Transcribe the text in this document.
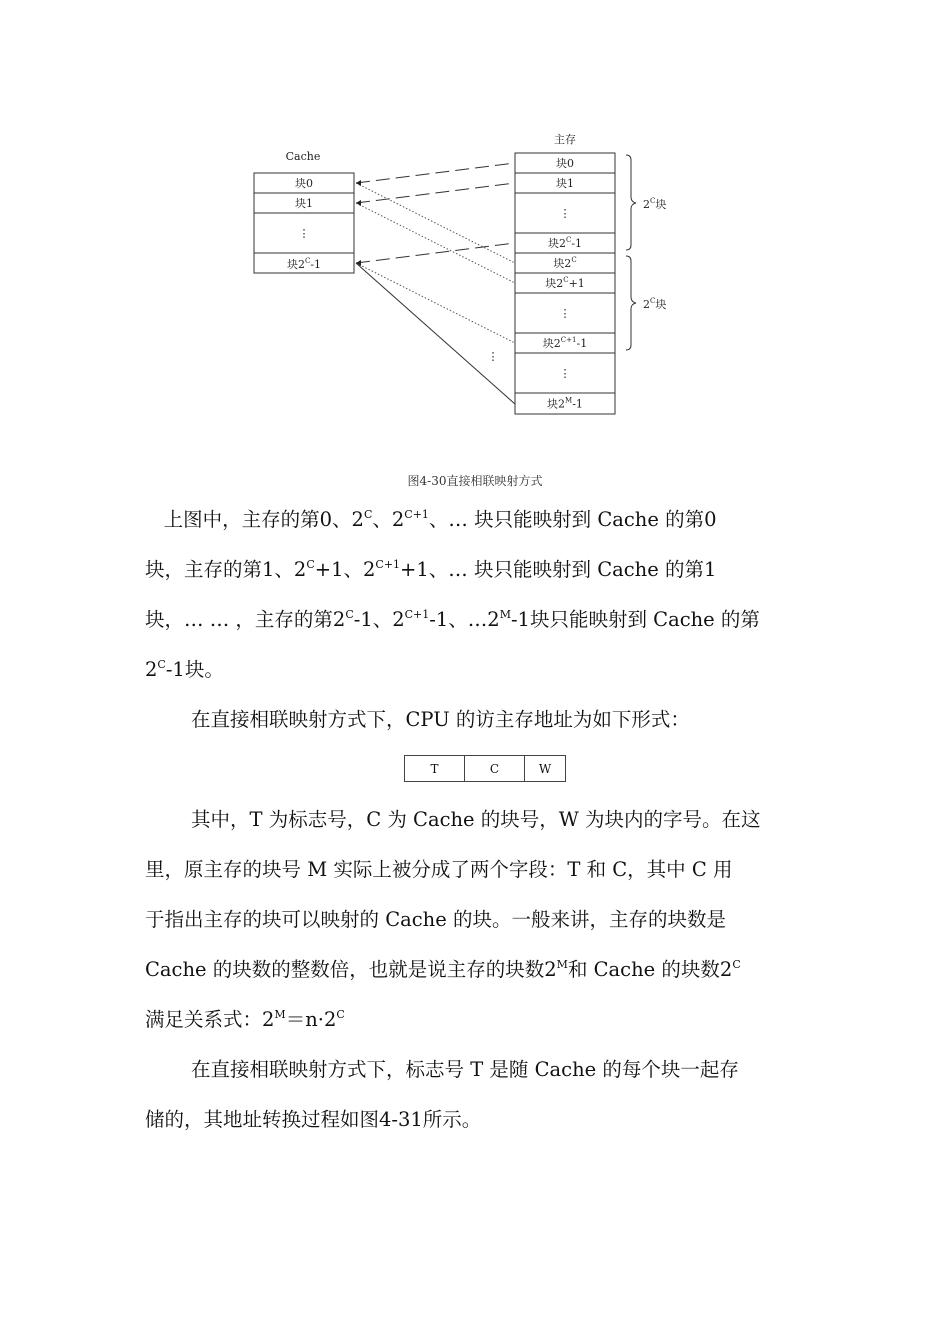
Cache
主存
块0
块1
⋮
块$2^C-1$
块0
块1
⋮
块$2^C-1$
块$2^C$
块$2^C+1$
⋮
块$2^{C+1}-1$
⋮
块$2^M-1$
$2^C$块
$2^C$块
⋮
图4-30直接相联映射方式

上图中，主存的第0、$2^C$、$2^{C+1}$、… 块只能映射到 Cache 的第0

块，主存的第1、$2^C+1$、$2^{C+1}+1$、… 块只能映射到 Cache 的第1

块，… … ，主存的第$2^C-1$、$2^{C+1}-1$、$\dots 2^M-1$块只能映射到 Cache 的第

$2^C-1$块。

在直接相联映射方式下，CPU 的访主存地址为如下形式：

T	C	W

其中，T 为标志号，C 为 Cache 的块号，W 为块内的字号。在这

里，原主存的块号 M 实际上被分成了两个字段：T 和 C，其中 C 用

于指出主存的块可以映射的 Cache 的块。一般来讲，主存的块数是

Cache 的块数的整数倍，也就是说主存的块数$2^M$和 Cache 的块数$2^C$

满足关系式：$2^M=n\cdot 2^C$

在直接相联映射方式下，标志号 T 是随 Cache 的每个块一起存

储的，其地址转换过程如图4-31所示。
